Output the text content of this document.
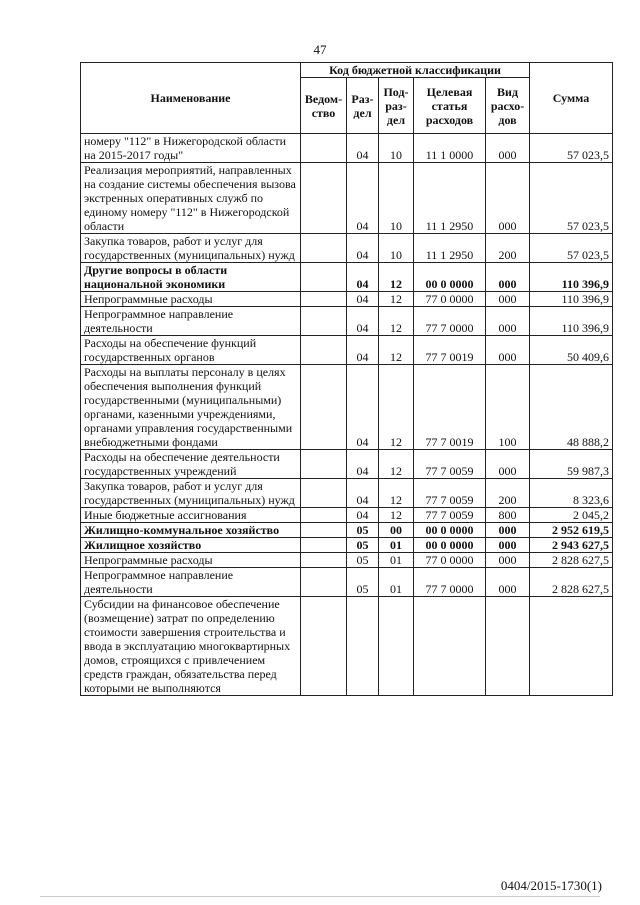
47
Наименование	Код бюджетной классификации					Сумма
	Ведом-ство	Раз-дел	Под-раз-дел	Целевая статья расходов	Вид расхо-дов	
номеру "112" в Нижегородской области на 2015-2017 годы"		04	10	11 1 0000	000	57 023,5
Реализация мероприятий, направленных на создание системы обеспечения вызова экстренных оперативных служб по единому номеру "112" в Нижегородской области		04	10	11 1 2950	000	57 023,5
Закупка товаров, работ и услуг для государственных (муниципальных) нужд		04	10	11 1 2950	200	57 023,5
Другие вопросы в области национальной экономики		04	12	00 0 0000	000	110 396,9
Непрограммные расходы		04	12	77 0 0000	000	110 396,9
Непрограммное направление деятельности		04	12	77 7 0000	000	110 396,9
Расходы на обеспечение функций государственных органов		04	12	77 7 0019	000	50 409,6
Расходы на выплаты персоналу в целях обеспечения выполнения функций государственными (муниципальными) органами, казенными учреждениями, органами управления государственными внебюджетными фондами		04	12	77 7 0019	100	48 888,2
Расходы на обеспечение деятельности государственных учреждений		04	12	77 7 0059	000	59 987,3
Закупка товаров, работ и услуг для государственных (муниципальных) нужд		04	12	77 7 0059	200	8 323,6
Иные бюджетные ассигнования		04	12	77 7 0059	800	2 045,2
Жилищно-коммунальное хозяйство		05	00	00 0 0000	000	2 952 619,5
Жилищное хозяйство		05	01	00 0 0000	000	2 943 627,5
Непрограммные расходы		05	01	77 0 0000	000	2 828 627,5
Непрограммное направление деятельности		05	01	77 7 0000	000	2 828 627,5
Субсидии на финансовое обеспечение (возмещение) затрат по определению стоимости завершения строительства и ввода в эксплуатацию многоквартирных домов, строящихся с привлечением средств граждан, обязательства перед которыми не выполняются						
0404/2015-1730(1)
